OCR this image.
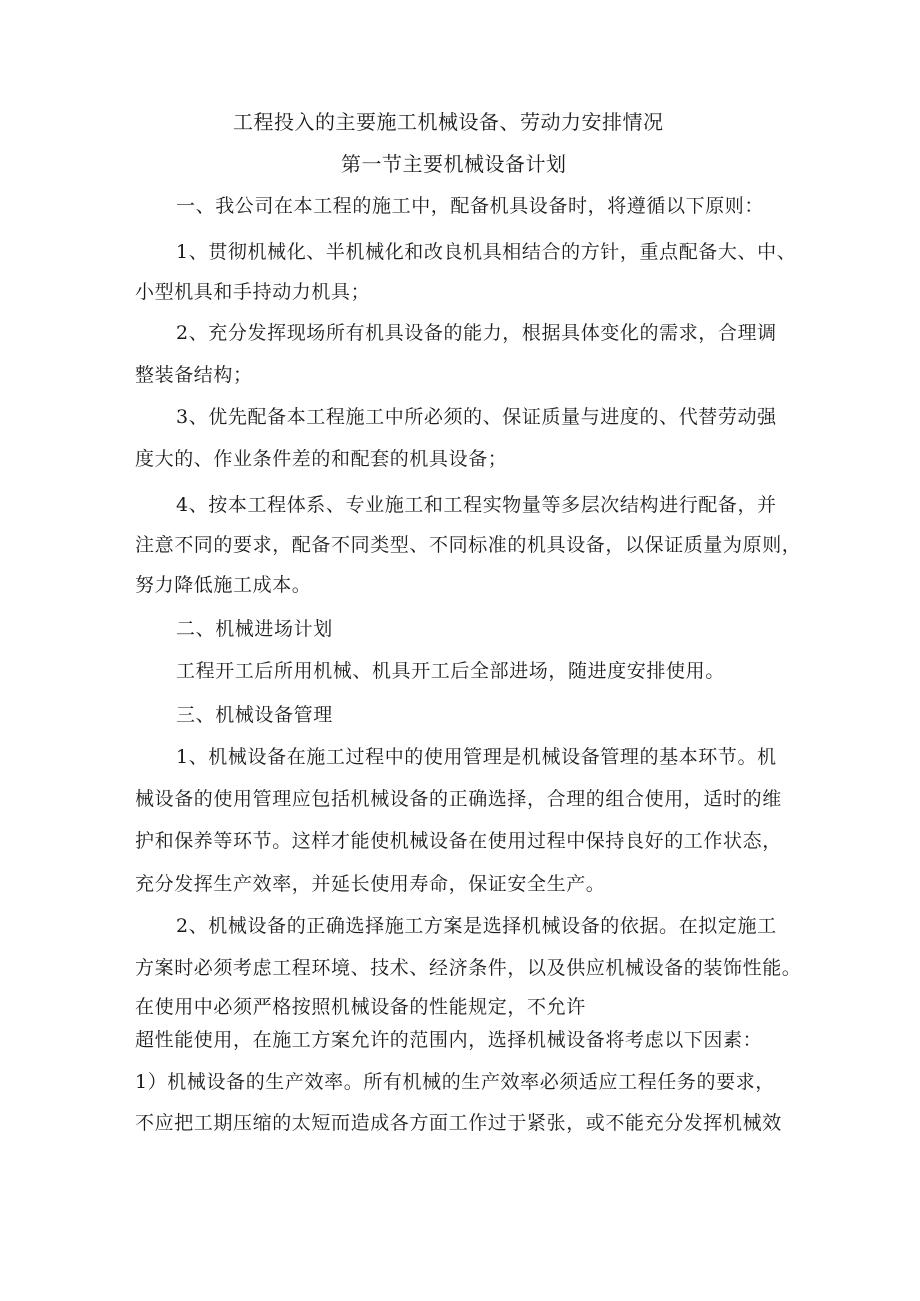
工程投入的主要施工机械设备、劳动力安排情况
第一节主要机械设备计划
一、我公司在本工程的施工中，配备机具设备时，将遵循以下原则：
1、贯彻机械化、半机械化和改良机具相结合的方针，重点配备大、中、
小型机具和手持动力机具；
2、充分发挥现场所有机具设备的能力，根据具体变化的需求，合理调
整装备结构；
3、优先配备本工程施工中所必须的、保证质量与进度的、代替劳动强
度大的、作业条件差的和配套的机具设备；
4、按本工程体系、专业施工和工程实物量等多层次结构进行配备，并
注意不同的要求，配备不同类型、不同标准的机具设备，以保证质量为原则，
努力降低施工成本。
二、机械进场计划
工程开工后所用机械、机具开工后全部进场，随进度安排使用。
三、机械设备管理
1、机械设备在施工过程中的使用管理是机械设备管理的基本环节。机
械设备的使用管理应包括机械设备的正确选择，合理的组合使用，适时的维
护和保养等环节。这样才能使机械设备在使用过程中保持良好的工作状态，
充分发挥生产效率，并延长使用寿命，保证安全生产。
2、机械设备的正确选择施工方案是选择机械设备的依据。在拟定施工
方案时必须考虑工程环境、技术、经济条件，以及供应机械设备的装饰性能。
在使用中必须严格按照机械设备的性能规定，不允许
超性能使用，在施工方案允许的范围内，选择机械设备将考虑以下因素：
1）机械设备的生产效率。所有机械的生产效率必须适应工程任务的要求，
不应把工期压缩的太短而造成各方面工作过于紧张，或不能充分发挥机械效
